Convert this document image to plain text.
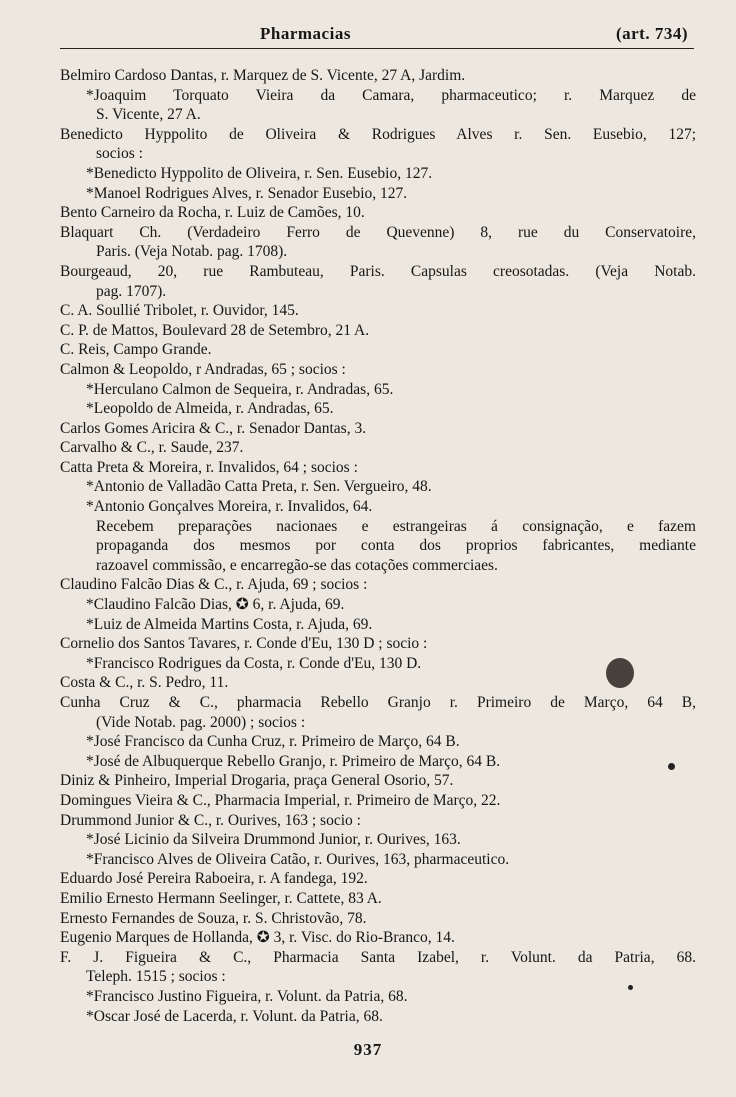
Pharmacias	(art. 734)
Belmiro Cardoso Dantas, r. Marquez de S. Vicente, 27 A, Jardim.
*Joaquim Torquato Vieira da Camara, pharmaceutico; r. Marquez de
S. Vicente, 27 A.
Benedicto Hyppolito de Oliveira & Rodrigues Alves r. Sen. Eusebio, 127;
socios :
*Benedicto Hyppolito de Oliveira, r. Sen. Eusebio, 127.
*Manoel Rodrigues Alves, r. Senador Eusebio, 127.
Bento Carneiro da Rocha, r. Luiz de Camões, 10.
Blaquart Ch. (Verdadeiro Ferro de Quevenne) 8, rue du Conservatoire,
Paris. (Veja Notab. pag. 1708).
Bourgeaud, 20, rue Rambuteau, Paris. Capsulas creosotadas. (Veja Notab.
pag. 1707).
C. A. Soullié Tribolet, r. Ouvidor, 145.
C. P. de Mattos, Boulevard 28 de Setembro, 21 A.
C. Reis, Campo Grande.
Calmon & Leopoldo, r Andradas, 65 ; socios :
*Herculano Calmon de Sequeira, r. Andradas, 65.
*Leopoldo de Almeida, r. Andradas, 65.
Carlos Gomes Aricira & C., r. Senador Dantas, 3.
Carvalho & C., r. Saude, 237.
Catta Preta & Moreira, r. Invalidos, 64 ; socios :
*Antonio de Valladão Catta Preta, r. Sen. Vergueiro, 48.
*Antonio Gonçalves Moreira, r. Invalidos, 64.
Recebem preparações nacionaes e estrangeiras á consignação, e fazem
propaganda dos mesmos por conta dos proprios fabricantes, mediante
razoavel commissão, e encarregão-se das cotações commerciaes.
Claudino Falcão Dias & C., r. Ajuda, 69 ; socios :
*Claudino Falcão Dias, ✪ 6, r. Ajuda, 69.
*Luiz de Almeida Martins Costa, r. Ajuda, 69.
Cornelio dos Santos Tavares, r. Conde d'Eu, 130 D ; socio :
*Francisco Rodrigues da Costa, r. Conde d'Eu, 130 D.
Costa & C., r. S. Pedro, 11.
Cunha Cruz & C., pharmacia Rebello Granjo r. Primeiro de Março, 64 B,
(Vide Notab. pag. 2000) ; socios :
*José Francisco da Cunha Cruz, r. Primeiro de Março, 64 B.
*José de Albuquerque Rebello Granjo, r. Primeiro de Março, 64 B.
Diniz & Pinheiro, Imperial Drogaria, praça General Osorio, 57.
Domingues Vieira & C., Pharmacia Imperial, r. Primeiro de Março, 22.
Drummond Junior & C., r. Ourives, 163 ; socio :
*José Licinio da Silveira Drummond Junior, r. Ourives, 163.
*Francisco Alves de Oliveira Catão, r. Ourives, 163, pharmaceutico.
Eduardo José Pereira Raboeira, r. A fandega, 192.
Emilio Ernesto Hermann Seelinger, r. Cattete, 83 A.
Ernesto Fernandes de Souza, r. S. Christovão, 78.
Eugenio Marques de Hollanda, ✪ 3, r. Visc. do Rio-Branco, 14.
F. J. Figueira & C., Pharmacia Santa Izabel, r. Volunt. da Patria, 68.
Teleph. 1515 ; socios :
*Francisco Justino Figueira, r. Volunt. da Patria, 68.
*Oscar José de Lacerda, r. Volunt. da Patria, 68.
937
